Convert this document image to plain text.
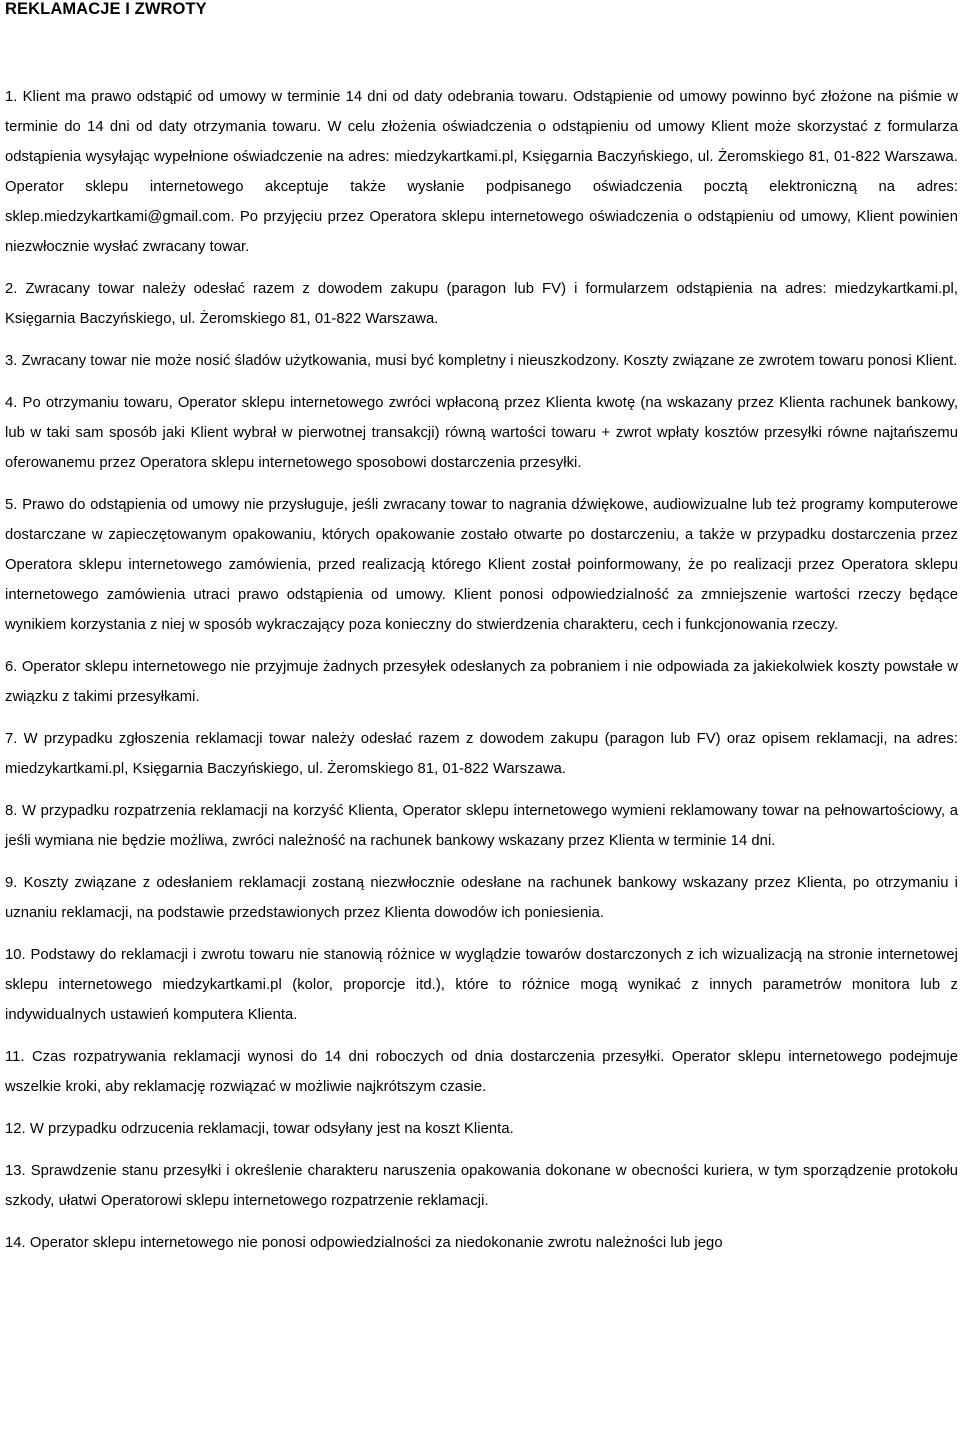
REKLAMACJE I ZWROTY

1. Klient ma prawo odstąpić od umowy w terminie 14 dni od daty odebrania towaru. Odstąpienie od umowy powinno być złożone na piśmie w terminie do 14 dni od daty otrzymania towaru. W celu złożenia oświadczenia o odstąpieniu od umowy Klient może skorzystać z formularza odstąpienia wysyłając wypełnione oświadczenie na adres: miedzykartkami.pl, Księgarnia Baczyńskiego, ul. Żeromskiego 81, 01-822 Warszawa. Operator sklepu internetowego akceptuje także wysłanie podpisanego oświadczenia pocztą elektroniczną na adres: sklep.miedzykartkami@gmail.com. Po przyjęciu przez Operatora sklepu internetowego oświadczenia o odstąpieniu od umowy, Klient powinien niezwłocznie wysłać zwracany towar.

2. Zwracany towar należy odesłać razem z dowodem zakupu (paragon lub FV) i formularzem odstąpienia na adres: miedzykartkami.pl, Księgarnia Baczyńskiego, ul. Żeromskiego 81, 01-822 Warszawa.

3. Zwracany towar nie może nosić śladów użytkowania, musi być kompletny i nieuszkodzony. Koszty związane ze zwrotem towaru ponosi Klient.

4. Po otrzymaniu towaru, Operator sklepu internetowego zwróci wpłaconą przez Klienta kwotę (na wskazany przez Klienta rachunek bankowy, lub w taki sam sposób jaki Klient wybrał w pierwotnej transakcji) równą wartości towaru + zwrot wpłaty kosztów przesyłki równe najtańszemu oferowanemu przez Operatora sklepu internetowego sposobowi dostarczenia przesyłki.

5. Prawo do odstąpienia od umowy nie przysługuje, jeśli zwracany towar to nagrania dźwiękowe, audiowizualne lub też programy komputerowe dostarczane w zapieczętowanym opakowaniu, których opakowanie zostało otwarte po dostarczeniu, a także w przypadku dostarczenia przez Operatora sklepu internetowego zamówienia, przed realizacją którego Klient został poinformowany, że po realizacji przez Operatora sklepu internetowego zamówienia utraci prawo odstąpienia od umowy. Klient ponosi odpowiedzialność za zmniejszenie wartości rzeczy będące wynikiem korzystania z niej w sposób wykraczający poza konieczny do stwierdzenia charakteru, cech i funkcjonowania rzeczy.

6. Operator sklepu internetowego nie przyjmuje żadnych przesyłek odesłanych za pobraniem i nie odpowiada za jakiekolwiek koszty powstałe w związku z takimi przesyłkami.

7. W przypadku zgłoszenia reklamacji towar należy odesłać razem z dowodem zakupu (paragon lub FV) oraz opisem reklamacji, na adres: miedzykartkami.pl, Księgarnia Baczyńskiego, ul. Żeromskiego 81, 01-822 Warszawa.

8. W przypadku rozpatrzenia reklamacji na korzyść Klienta, Operator sklepu internetowego wymieni reklamowany towar na pełnowartościowy, a jeśli wymiana nie będzie możliwa, zwróci należność na rachunek bankowy wskazany przez Klienta w terminie 14 dni.

9. Koszty związane z odesłaniem reklamacji zostaną niezwłocznie odesłane na rachunek bankowy wskazany przez Klienta, po otrzymaniu i uznaniu reklamacji, na podstawie przedstawionych przez Klienta dowodów ich poniesienia.

10. Podstawy do reklamacji i zwrotu towaru nie stanowią różnice w wyglądzie towarów dostarczonych z ich wizualizacją na stronie internetowej sklepu internetowego miedzykartkami.pl (kolor, proporcje itd.), które to różnice mogą wynikać z innych parametrów monitora lub z indywidualnych ustawień komputera Klienta.

11. Czas rozpatrywania reklamacji wynosi do 14 dni roboczych od dnia dostarczenia przesyłki. Operator sklepu internetowego podejmuje wszelkie kroki, aby reklamację rozwiązać w możliwie najkrótszym czasie.

12. W przypadku odrzucenia reklamacji, towar odsyłany jest na koszt Klienta.

13. Sprawdzenie stanu przesyłki i określenie charakteru naruszenia opakowania dokonane w obecności kuriera, w tym sporządzenie protokołu szkody, ułatwi Operatorowi sklepu internetowego rozpatrzenie reklamacji.

14. Operator sklepu internetowego nie ponosi odpowiedzialności za niedokonanie zwrotu należności lub jego
